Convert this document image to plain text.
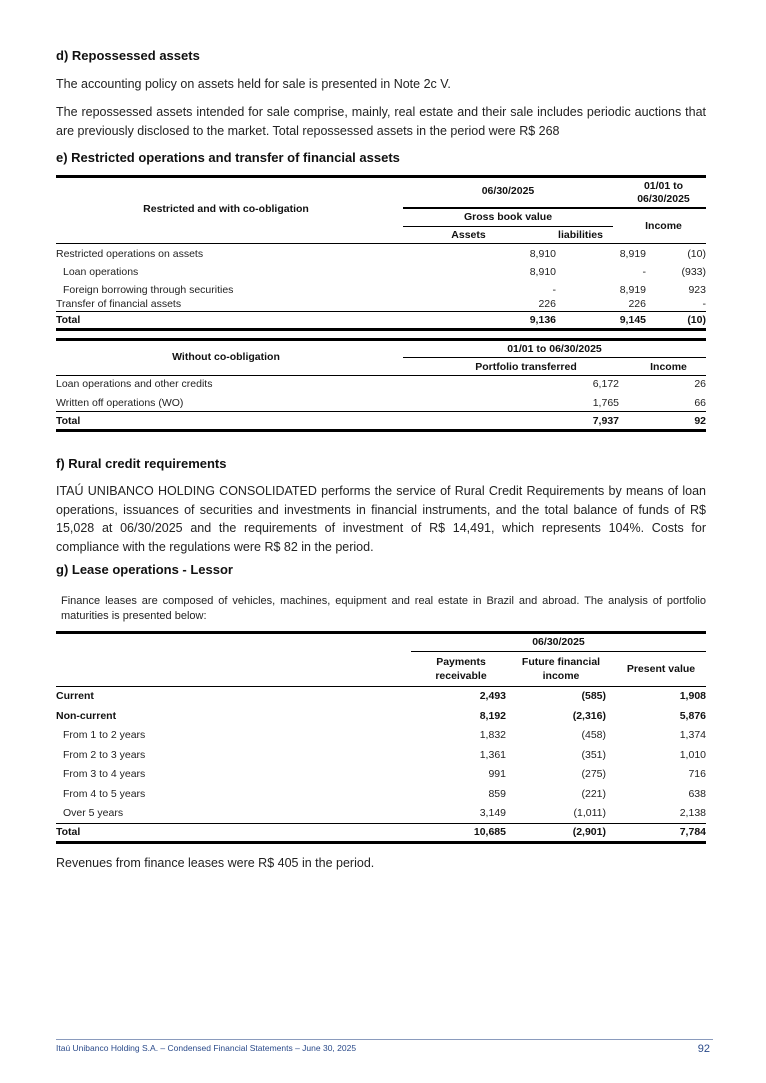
d) Repossessed assets
The accounting policy on assets held for sale is presented in Note 2c V.
The repossessed assets intended for sale comprise, mainly, real estate and their sale includes periodic auctions that are previously disclosed to the market. Total repossessed assets in the period were R$ 268
e) Restricted operations and transfer of financial assets
Restricted and with co-obligation
06/30/2025	01/01 to
06/30/2025
Gross book value
Income
Assets	liabilities
Restricted operations on assets	8,910	8,919	(10)
Loan operations	8,910	-	(933)
Foreign borrowing through securities	-	8,919	923
Transfer of financial assets	226	226	-
Total	9,136	9,145	(10)
Without co-obligation
01/01 to 06/30/2025
Portfolio transferred	Income
Loan operations and other credits	6,172	26
Written off operations (WO)	1,765	66
Total	7,937	92
f) Rural credit requirements
ITAÚ UNIBANCO HOLDING CONSOLIDATED performs the service of Rural Credit Requirements by means of loan operations, issuances of securities and investments in financial instruments, and the total balance of funds of R$ 15,028 at 06/30/2025 and the requirements of investment of R$ 14,491, which represents 104%. Costs for compliance with the regulations were R$ 82 in the period.
g) Lease operations - Lessor
Finance leases are composed of vehicles, machines, equipment and real estate in Brazil and abroad. The analysis of portfolio maturities is presented below:
06/30/2025
Payments
receivable
Future financial
income
Present value
Current	2,493	(585)	1,908
Non-current	8,192	(2,316)	5,876
From 1 to 2 years	1,832	(458)	1,374
From 2 to 3 years	1,361	(351)	1,010
From 3 to 4 years	991	(275)	716
From 4 to 5 years	859	(221)	638
Over 5 years	3,149	(1,011)	2,138
Total	10,685	(2,901)	7,784
Revenues from finance leases were R$ 405 in the period.
Itaú Unibanco Holding S.A. – Condensed Financial Statements – June 30, 2025	92
